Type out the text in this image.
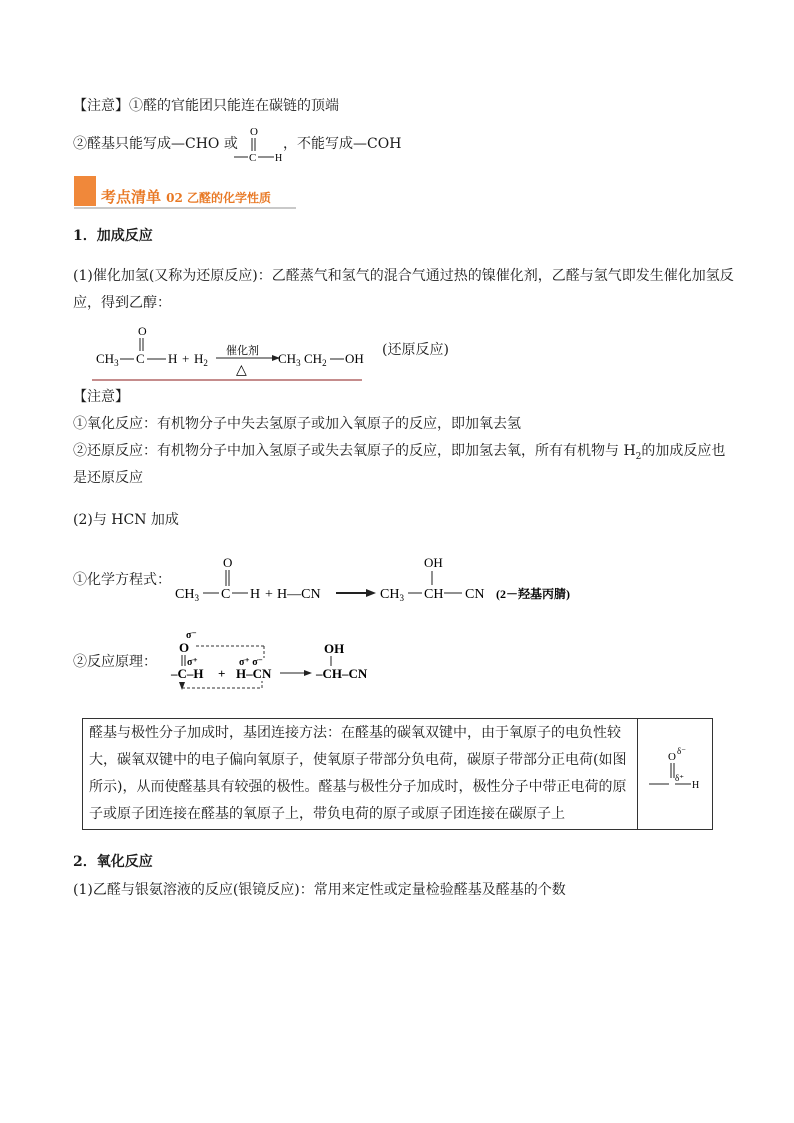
【注意】①醛的官能团只能连在碳链的顶端
②醛基只能写成—CHO 或
O
C H
，不能写成—COH
考点清单 02 乙醛的化学性质
1．加成反应
(1)催化加氢(又称为还原反应)：乙醛蒸气和氢气的混合气通过热的镍催化剂，乙醛与氢气即发生催化加氢反
应，得到乙醇：
O
$CH_3$ C $H + H_2$
催化剂
△
$CH_3$ $CH_2$ OH
(还原反应)
【注意】
①氧化反应：有机物分子中失去氢原子或加入氧原子的反应，即加氧去氢
②还原反应：有机物分子中加入氢原子或失去氧原子的反应，即加氢去氧，所有有机物与 $H_2$的加成反应也
是还原反应
(2)与 HCN 加成
①化学方程式：
O
$CH_3$ C H + H—CN
OH
$CH_3$ CH CN (2－羟基丙腈)
②反应原理：
σ⁻
O
σ⁺
–C–H +
σ⁺ σ⁻
H–CN
OH
–CH–CN
醛基与极性分子加成时，基团连接方法：在醛基的碳氧双键中，由于氧原子的电负性较
大，碳氧双键中的电子偏向氧原子，使氧原子带部分负电荷，碳原子带部分正电荷(如图
所示)，从而使醛基具有较强的极性。醛基与极性分子加成时，极性分子中带正电荷的原
子或原子团连接在醛基的氧原子上，带负电荷的原子或原子团连接在碳原子上

O δ⁻
δ⁺
H
2．氧化反应
(1)乙醛与银氨溶液的反应(银镜反应)：常用来定性或定量检验醛基及醛基的个数
